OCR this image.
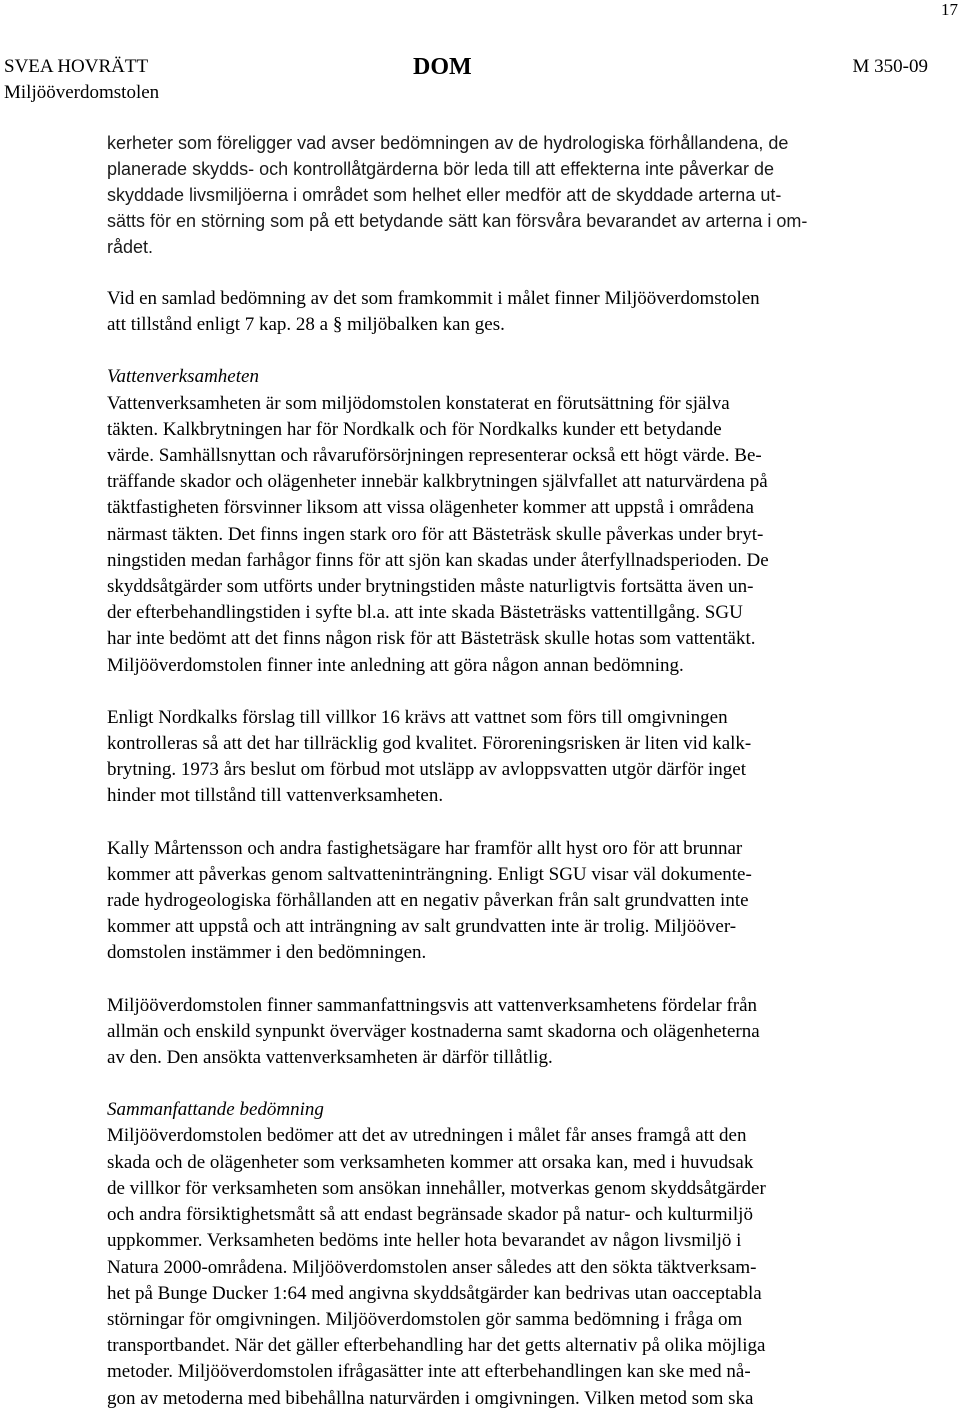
17
SVEA HOVRÄTT
Miljööverdomstolen
DOM	M 350-09

kerheter som föreligger vad avser bedömningen av de hydrologiska förhållandena, de
planerade skydds- och kontrollåtgärderna bör leda till att effekterna inte påverkar de
skyddade livsmiljöerna i området som helhet eller medför att de skyddade arterna ut-
sätts för en störning som på ett betydande sätt kan försvåra bevarandet av arterna i om-
rådet.

Vid en samlad bedömning av det som framkommit i målet finner Miljööverdomstolen
att tillstånd enligt 7 kap. 28 a § miljöbalken kan ges.

Vattenverksamheten

Vattenverksamheten är som miljödomstolen konstaterat en förutsättning för själva
täkten. Kalkbrytningen har för Nordkalk och för Nordkalks kunder ett betydande
värde. Samhällsnyttan och råvaruförsörjningen representerar också ett högt värde. Be-
träffande skador och olägenheter innebär kalkbrytningen självfallet att naturvärdena på
täktfastigheten försvinner liksom att vissa olägenheter kommer att uppstå i områdena
närmast täkten. Det finns ingen stark oro för att Bästeträsk skulle påverkas under bryt-
ningstiden medan farhågor finns för att sjön kan skadas under återfyllnadsperioden. De
skyddsåtgärder som utförts under brytningstiden måste naturligtvis fortsätta även un-
der efterbehandlingstiden i syfte bl.a. att inte skada Bästeträsks vattentillgång. SGU
har inte bedömt att det finns någon risk för att Bästeträsk skulle hotas som vattentäkt.
Miljööverdomstolen finner inte anledning att göra någon annan bedömning.

Enligt Nordkalks förslag till villkor 16 krävs att vattnet som förs till omgivningen
kontrolleras så att det har tillräcklig god kvalitet. Föroreningsrisken är liten vid kalk-
brytning. 1973 års beslut om förbud mot utsläpp av avloppsvatten utgör därför inget
hinder mot tillstånd till vattenverksamheten.

Kally Mårtensson och andra fastighetsägare har framför allt hyst oro för att brunnar
kommer att påverkas genom saltvatteninträngning. Enligt SGU visar väl dokumente-
rade hydrogeologiska förhållanden att en negativ påverkan från salt grundvatten inte
kommer att uppstå och att inträngning av salt grundvatten inte är trolig. Miljööver-
domstolen instämmer i den bedömningen.

Miljööverdomstolen finner sammanfattningsvis att vattenverksamhetens fördelar från
allmän och enskild synpunkt överväger kostnaderna samt skadorna och olägenheterna
av den. Den ansökta vattenverksamheten är därför tillåtlig.

Sammanfattande bedömning

Miljööverdomstolen bedömer att det av utredningen i målet får anses framgå att den
skada och de olägenheter som verksamheten kommer att orsaka kan, med i huvudsak
de villkor för verksamheten som ansökan innehåller, motverkas genom skyddsåtgärder
och andra försiktighetsmått så att endast begränsade skador på natur- och kulturmiljö
uppkommer. Verksamheten bedöms inte heller hota bevarandet av någon livsmiljö i
Natura 2000-områdena. Miljööverdomstolen anser således att den sökta täktverksam-
het på Bunge Ducker 1:64 med angivna skyddsåtgärder kan bedrivas utan oacceptabla
störningar för omgivningen. Miljööverdomstolen gör samma bedömning i fråga om
transportbandet. När det gäller efterbehandling har det getts alternativ på olika möjliga
metoder. Miljööverdomstolen ifrågasätter inte att efterbehandlingen kan ske med nå-
gon av metoderna med bibehållna naturvärden i omgivningen. Vilken metod som ska
